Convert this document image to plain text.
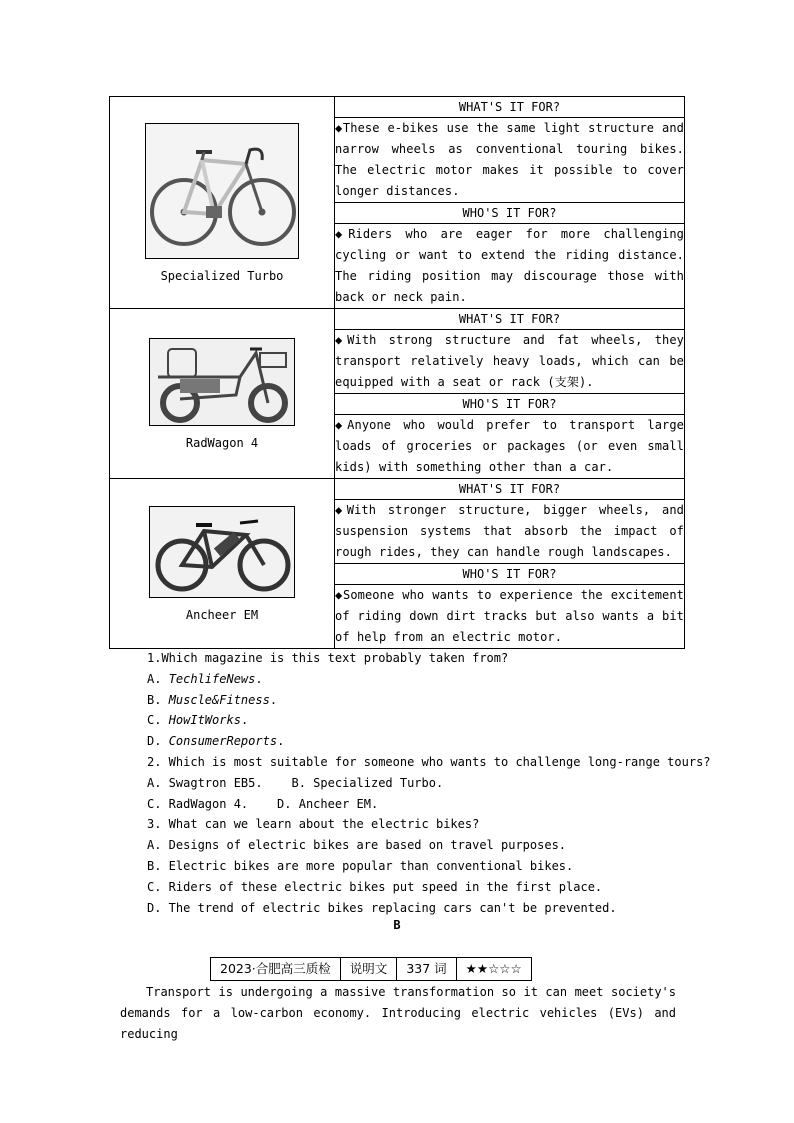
Specialized Turbo	WHAT'S IT FOR?
	◆These e-bikes use the same light structure and narrow wheels as conventional touring bikes. The electric motor makes it possible to cover longer distances.
	WHO'S IT FOR?
	◆Riders who are eager for more challenging cycling or want to extend the riding distance. The riding position may discourage those with back or neck pain.

RadWagon 4	WHAT'S IT FOR?
	◆With strong structure and fat wheels, they transport relatively heavy loads, which can be equipped with a seat or rack (支架).
	WHO'S IT FOR?
	◆Anyone who would prefer to transport large loads of groceries or packages (or even small kids) with something other than a car.

Ancheer EM	WHAT'S IT FOR?
	◆With stronger structure, bigger wheels, and suspension systems that absorb the impact of rough rides, they can handle rough landscapes.
	WHO'S IT FOR?
	◆Someone who wants to experience the excitement of riding down dirt tracks but also wants a bit of help from an electric motor.
1.Which magazine is this text probably taken from?
A. TechlifeNews.
B. Muscle&Fitness.
C. HowItWorks.
D. ConsumerReports.
2. Which is most suitable for someone who wants to challenge long-range tours?
A. Swagtron EB5.    B. Specialized Turbo.
C. RadWagon 4.    D. Ancheer EM.
3. What can we learn about the electric bikes?
A. Designs of electric bikes are based on travel purposes.
B. Electric bikes are more popular than conventional bikes.
C. Riders of these electric bikes put speed in the first place.
D. The trend of electric bikes replacing cars can't be prevented.
B
2023·合肥高三质检	说明文	337 词	★★☆☆☆
Transport is undergoing a massive transformation so it can meet society's demands for a low-carbon economy. Introducing electric vehicles (EVs) and reducing
